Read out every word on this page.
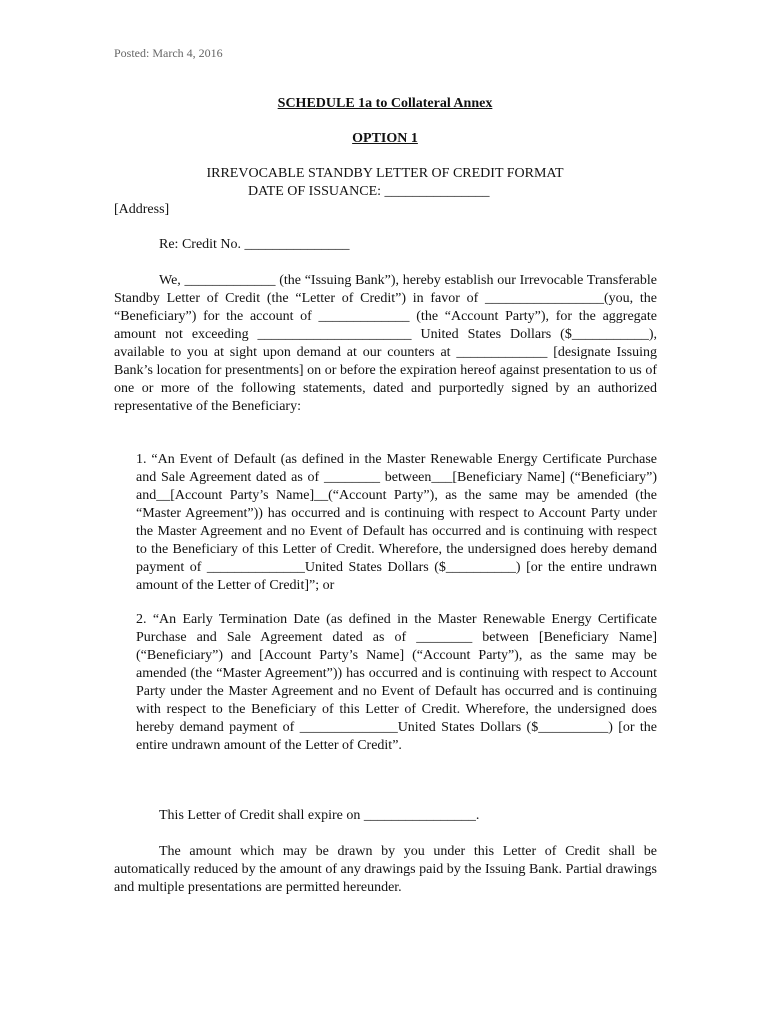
Posted: March 4, 2016
SCHEDULE 1a to Collateral Annex
OPTION 1
IRREVOCABLE STANDBY LETTER OF CREDIT FORMAT
DATE OF ISSUANCE: _______________
[Address]
Re: Credit No. _______________

We, _____________ (the “Issuing Bank”), hereby establish our Irrevocable Transferable Standby Letter of Credit (the “Letter of Credit”) in favor of _________________(you, the “Beneficiary”) for the account of _____________ (the “Account Party”), for the aggregate amount not exceeding ______________________ United States Dollars ($___________), available to you at sight upon demand at our counters at _____________ [designate Issuing Bank’s location for presentments] on or before the expiration hereof against presentation to us of one or more of the following statements, dated and purportedly signed by an authorized representative of the Beneficiary:

1. “An Event of Default (as defined in the Master Renewable Energy Certificate Purchase and Sale Agreement dated as of ________ between___[Beneficiary Name] (“Beneficiary”) and__[Account Party’s Name]__(“Account Party”), as the same may be amended (the “Master Agreement”)) has occurred and is continuing with respect to Account Party under the Master Agreement and no Event of Default has occurred and is continuing with respect to the Beneficiary of this Letter of Credit. Wherefore, the undersigned does hereby demand payment of ______________United States Dollars ($__________) [or the entire undrawn amount of the Letter of Credit]”; or

2. “An Early Termination Date (as defined in the Master Renewable Energy Certificate Purchase and Sale Agreement dated as of ________ between [Beneficiary Name] (“Beneficiary”) and [Account Party’s Name] (“Account Party”), as the same may be amended (the “Master Agreement”)) has occurred and is continuing with respect to Account Party under the Master Agreement and no Event of Default has occurred and is continuing with respect to the Beneficiary of this Letter of Credit. Wherefore, the undersigned does hereby demand payment of ______________United States Dollars ($__________) [or the entire undrawn amount of the Letter of Credit”.

This Letter of Credit shall expire on ________________.

The amount which may be drawn by you under this Letter of Credit shall be automatically reduced by the amount of any drawings paid by the Issuing Bank. Partial drawings and multiple presentations are permitted hereunder.
